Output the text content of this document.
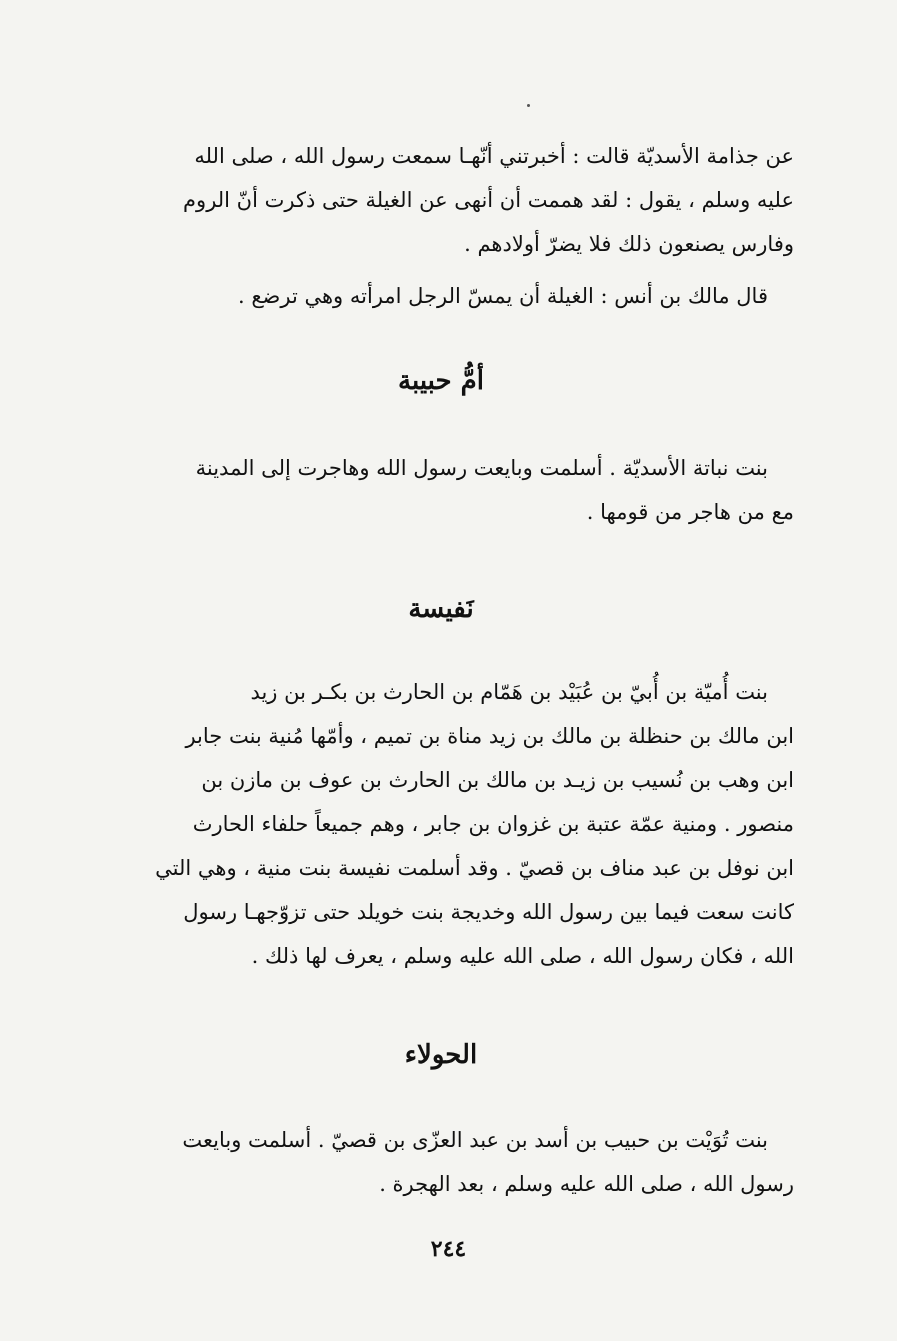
عن جذامة الأسديّة قالت : أخبرتني أنّهـا سمعت رسول الله ، صلى الله
عليه وسلم ، يقول : لقد هممت أن أنهى عن الغيلة حتى ذكرت أنّ الروم
وفارس يصنعون ذلك فلا يضرّ أولادهم .
قال مالك بن أنس : الغيلة أن يمسّ الرجل امرأته وهي ترضع .
أمُّ حبيبة
بنت نباتة الأسديّة . أسلمت وبايعت رسول الله وهاجرت إلى المدينة
مع من هاجر من قومها .
نَفيسة
بنت أُميّة بن أُبيّ بن عُبَيْد بن هَمّام بن الحارث بن بكـر بن زيد
ابن مالك بن حنظلة بن مالك بن زيد مناة بن تميم ، وأمّها مُنية بنت جابر
ابن وهب بن نُسيب بن زيـد بن مالك بن الحارث بن عوف بن مازن بن
منصور . ومنية عمّة عتبة بن غزوان بن جابر ، وهم جميعاً حلفاء الحارث
ابن نوفل بن عبد مناف بن قصيّ . وقد أسلمت نفيسة بنت منية ، وهي التي
كانت سعت فيما بين رسول الله وخديجة بنت خويلد حتى تزوّجهـا رسول
الله ، فكان رسول الله ، صلى الله عليه وسلم ، يعرف لها ذلك .
الحولاء
بنت تُوَيْت بن حبيب بن أسد بن عبد العزّى بن قصيّ . أسلمت وبايعت
رسول الله ، صلى الله عليه وسلم ، بعد الهجرة .
٢٤٤
